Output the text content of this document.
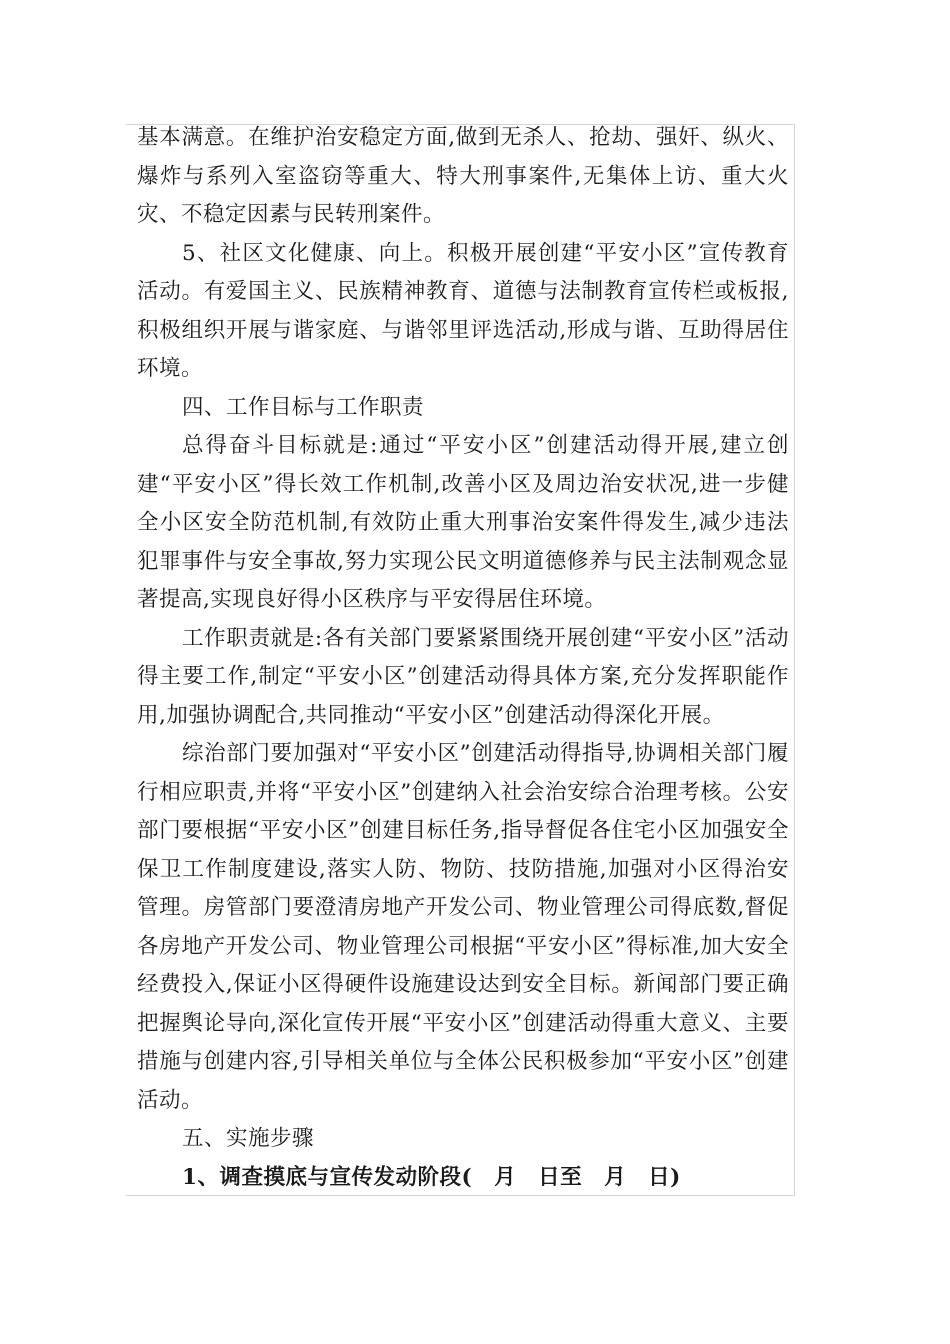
基本满意。在维护治安稳定方面,做到无杀人、抢劫、强奸、纵火、爆炸与系列入室盗窃等重大、特大刑事案件,无集体上访、重大火灾、不稳定因素与民转刑案件。

5、社区文化健康、向上。积极开展创建“平安小区”宣传教育活动。有爱国主义、民族精神教育、道德与法制教育宣传栏或板报,积极组织开展与谐家庭、与谐邻里评选活动,形成与谐、互助得居住环境。

四、工作目标与工作职责

总得奋斗目标就是:通过“平安小区”创建活动得开展,建立创建“平安小区”得长效工作机制,改善小区及周边治安状况,进一步健全小区安全防范机制,有效防止重大刑事治安案件得发生,减少违法犯罪事件与安全事故,努力实现公民文明道德修养与民主法制观念显著提高,实现良好得小区秩序与平安得居住环境。

工作职责就是:各有关部门要紧紧围绕开展创建“平安小区”活动得主要工作,制定“平安小区”创建活动得具体方案,充分发挥职能作用,加强协调配合,共同推动“平安小区”创建活动得深化开展。

综治部门要加强对“平安小区”创建活动得指导,协调相关部门履行相应职责,并将“平安小区”创建纳入社会治安综合治理考核。公安部门要根据“平安小区”创建目标任务,指导督促各住宅小区加强安全保卫工作制度建设,落实人防、物防、技防措施,加强对小区得治安管理。房管部门要澄清房地产开发公司、物业管理公司得底数,督促各房地产开发公司、物业管理公司根据“平安小区”得标准,加大安全经费投入,保证小区得硬件设施建设达到安全目标。新闻部门要正确把握舆论导向,深化宣传开展“平安小区”创建活动得重大意义、主要措施与创建内容,引导相关单位与全体公民积极参加“平安小区”创建活动。

五、实施步骤

1、调查摸底与宣传发动阶段(　月　日至　月　日)
